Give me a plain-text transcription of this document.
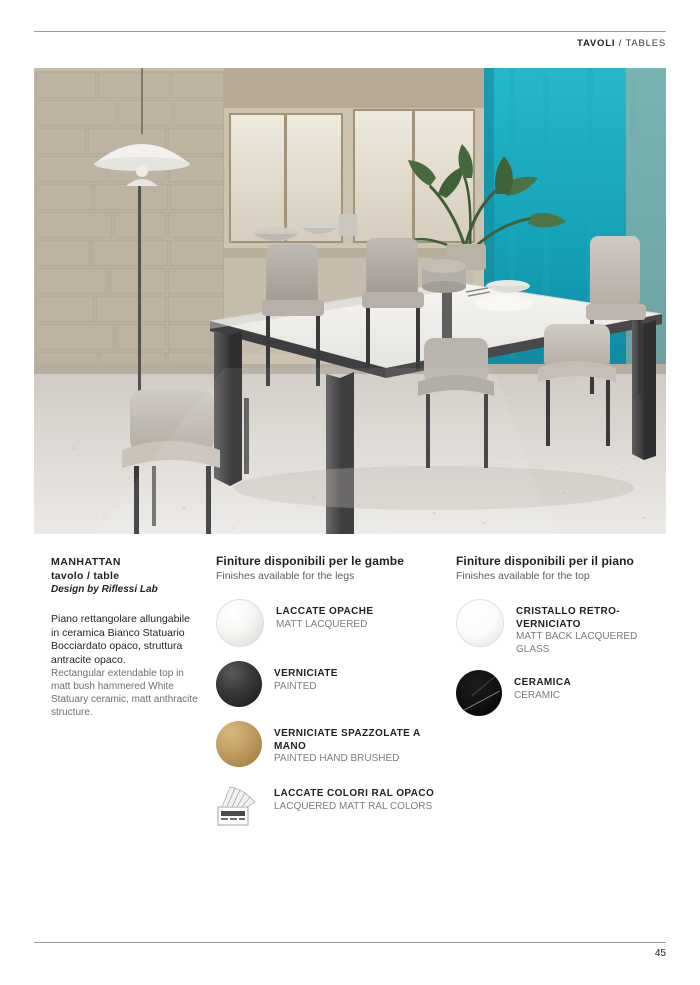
TAVOLI / TABLES

MANHATTAN

tavolo / table

Design by Riflessi Lab

Piano rettangolare allungabile in ceramica Bianco Statuario Bocciardato opaco, struttura antracite opaco.

Rectangular extendable top in matt bush hammered White Statuary ceramic, matt anthracite structure.

Finiture disponibili per le gambe

Finishes available for the legs

LACCATE OPACHE

MATT LACQUERED

VERNICIATE

PAINTED

VERNICIATE SPAZZOLATE A MANO

PAINTED HAND BRUSHED

LACCATE COLORI RAL OPACO

LACQUERED MATT RAL COLORS

Finiture disponibili per il piano

Finishes available for the top

CRISTALLO RETRO-VERNICIATO

MATT BACK LACQUERED GLASS

CERAMICA

CERAMIC

45
